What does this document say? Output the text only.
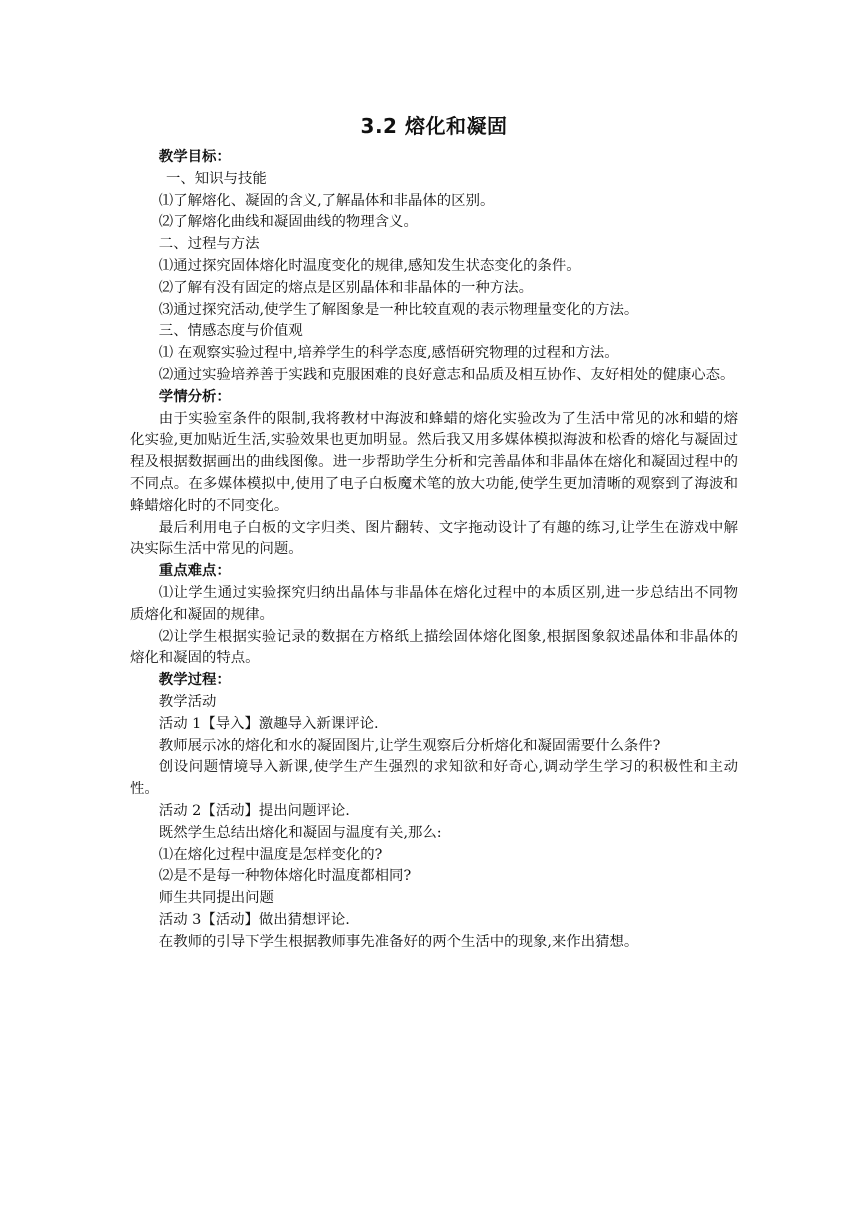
3.2 熔化和凝固

教学目标：

一、知识与技能

⑴了解熔化、凝固的含义,了解晶体和非晶体的区别。

⑵了解熔化曲线和凝固曲线的物理含义。

二、过程与方法

⑴通过探究固体熔化时温度变化的规律,感知发生状态变化的条件。

⑵了解有没有固定的熔点是区别晶体和非晶体的一种方法。

⑶通过探究活动,使学生了解图象是一种比较直观的表示物理量变化的方法。

三、情感态度与价值观

⑴ 在观察实验过程中,培养学生的科学态度,感悟研究物理的过程和方法。

⑵通过实验培养善于实践和克服困难的良好意志和品质及相互协作、友好相处的健康心态。

学情分析：

由于实验室条件的限制,我将教材中海波和蜂蜡的熔化实验改为了生活中常见的冰和蜡的熔化实验,更加贴近生活,实验效果也更加明显。然后我又用多媒体模拟海波和松香的熔化与凝固过程及根据数据画出的曲线图像。进一步帮助学生分析和完善晶体和非晶体在熔化和凝固过程中的不同点。在多媒体模拟中,使用了电子白板魔术笔的放大功能,使学生更加清晰的观察到了海波和蜂蜡熔化时的不同变化。

最后利用电子白板的文字归类、图片翻转、文字拖动设计了有趣的练习,让学生在游戏中解决实际生活中常见的问题。

重点难点：

⑴让学生通过实验探究归纳出晶体与非晶体在熔化过程中的本质区别,进一步总结出不同物质熔化和凝固的规律。

⑵让学生根据实验记录的数据在方格纸上描绘固体熔化图象,根据图象叙述晶体和非晶体的熔化和凝固的特点。

教学过程：

教学活动

活动 1【导入】激趣导入新课评论.

教师展示冰的熔化和水的凝固图片,让学生观察后分析熔化和凝固需要什么条件?

创设问题情境导入新课,使学生产生强烈的求知欲和好奇心,调动学生学习的积极性和主动性。

活动 2【活动】提出问题评论.

既然学生总结出熔化和凝固与温度有关,那么:

⑴在熔化过程中温度是怎样变化的?

⑵是不是每一种物体熔化时温度都相同?

师生共同提出问题

活动 3【活动】做出猜想评论.

在教师的引导下学生根据教师事先准备好的两个生活中的现象,来作出猜想。
